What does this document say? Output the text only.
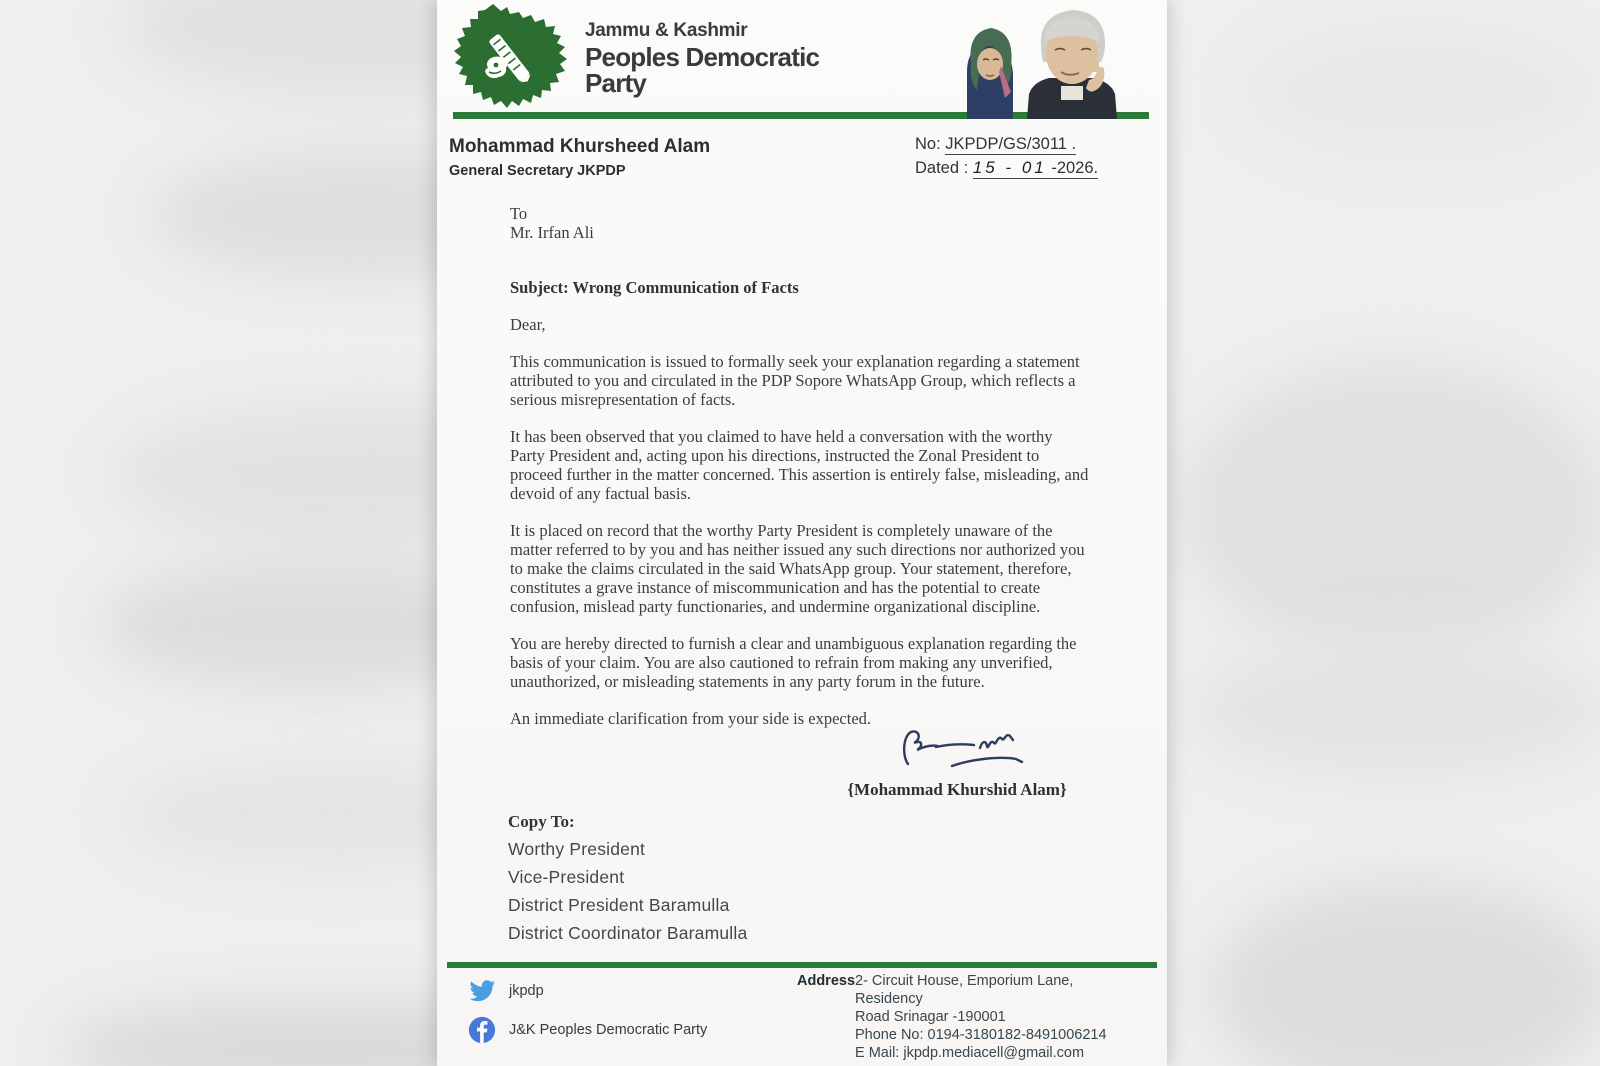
Jammu & Kashmir
Peoples Democratic
Party
Mohammad Khursheed Alam
General Secretary JKPDP
No: JKPDP/GS/3011 .
Dated : 15 - 01 -2026.
To
Mr. Irfan Ali
Subject: Wrong Communication of Facts
Dear,

This communication is issued to formally seek your explanation regarding a statement attributed to you and circulated in the PDP Sopore WhatsApp Group, which reflects a serious misrepresentation of facts.

It has been observed that you claimed to have held a conversation with the worthy Party President and, acting upon his directions, instructed the Zonal President to proceed further in the matter concerned. This assertion is entirely false, misleading, and devoid of any factual basis.

It is placed on record that the worthy Party President is completely unaware of the matter referred to by you and has neither issued any such directions nor authorized you to make the claims circulated in the said WhatsApp group. Your statement, therefore, constitutes a grave instance of miscommunication and has the potential to create confusion, mislead party functionaries, and undermine organizational discipline.

You are hereby directed to furnish a clear and unambiguous explanation regarding the basis of your claim. You are also cautioned to refrain from making any unverified, unauthorized, or misleading statements in any party forum in the future.

An immediate clarification from your side is expected.

{Mohammad Khurshid Alam}
Copy To:
Worthy President
Vice-President
District President Baramulla
District Coordinator Baramulla
jkpdp
J&K Peoples Democratic Party
Address 2- Circuit House, Emporium Lane, Residency
Road Srinagar -190001
Phone No: 0194-3180182-8491006214
E Mail: jkpdp.mediacell@gmail.com
